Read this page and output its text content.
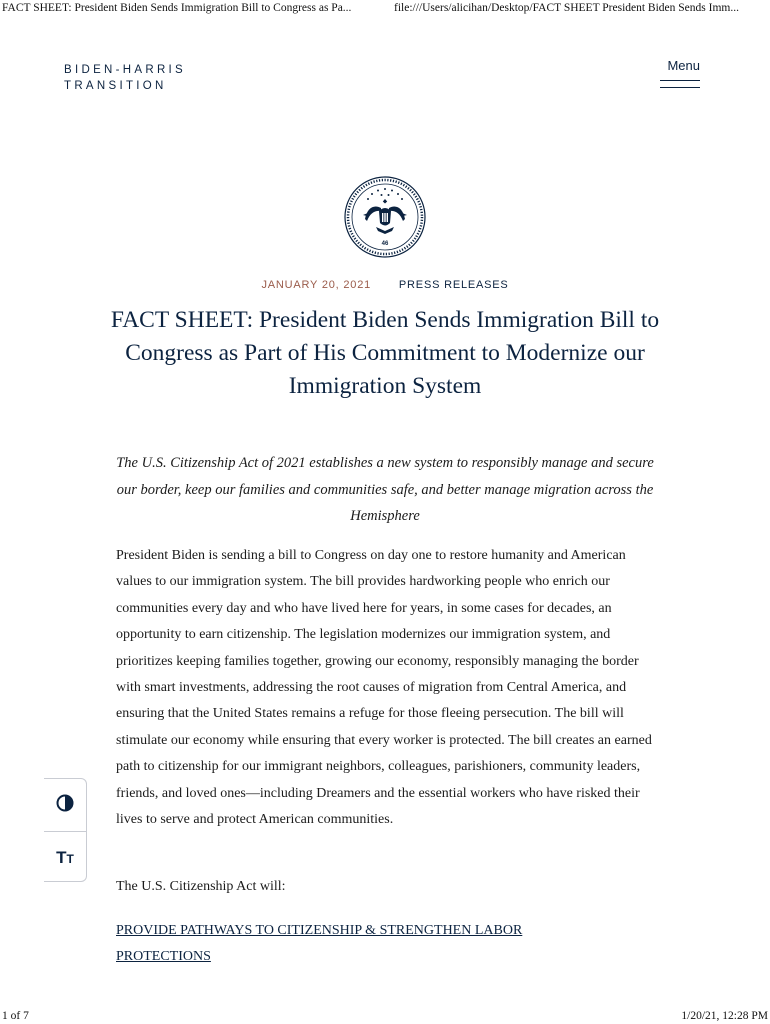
FACT SHEET: President Biden Sends Immigration Bill to Congress as Pa...	file:///Users/alicihan/Desktop/FACT SHEET President Biden Sends Imm...
BIDEN-HARRIS
TRANSITION
Menu
46
JANUARY 20, 2021	PRESS RELEASES
FACT SHEET: President Biden Sends Immigration Bill to Congress as Part of His Commitment to Modernize our Immigration System

The U.S. Citizenship Act of 2021 establishes a new system to responsibly manage and secure our border, keep our families and communities safe, and better manage migration across the Hemisphere

President Biden is sending a bill to Congress on day one to restore humanity and American values to our immigration system. The bill provides hardworking people who enrich our communities every day and who have lived here for years, in some cases for decades, an opportunity to earn citizenship. The legislation modernizes our immigration system, and prioritizes keeping families together, growing our economy, responsibly managing the border with smart investments, addressing the root causes of migration from Central America, and ensuring that the United States remains a refuge for those fleeing persecution. The bill will stimulate our economy while ensuring that every worker is protected. The bill creates an earned path to citizenship for our immigrant neighbors, colleagues, parishioners, community leaders, friends, and loved ones—including Dreamers and the essential workers who have risked their lives to serve and protect American communities.

The U.S. Citizenship Act will:

PROVIDE PATHWAYS TO CITIZENSHIP & STRENGTHEN LABOR PROTECTIONS
TT
1 of 7	1/20/21, 12:28 PM
